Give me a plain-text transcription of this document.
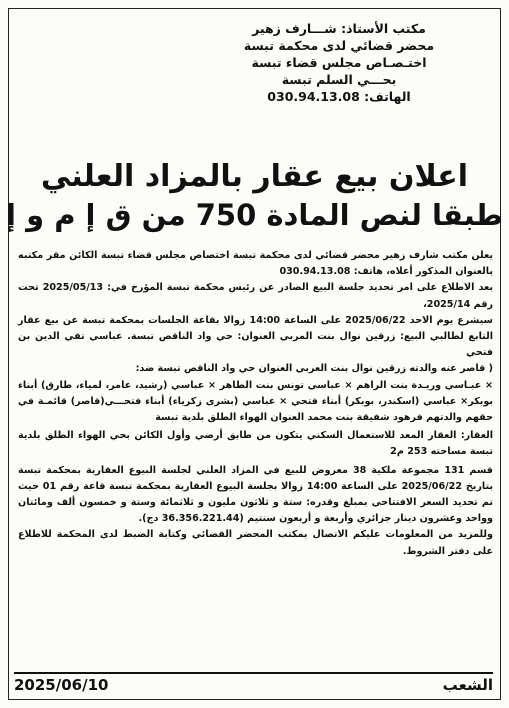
مكتب الأستاذ: شـــارف زهير
محضر قضائي لدى محكمة تبسة
اختـصـاص مجلس قضاء تبسة
بحـــي السلم تبسة
الهاتف: 030.94.13.08
اعلان بيع عقار بالمزاد العلني
طبقا لنص المادة 750 من ق إ م و إ

يعلن مكتب شارف زهير محضر قضائي لدى محكمة تبسة اختصاص مجلس قضاء تبسة الكائن مقر مكتبه بالعنوان المذكور أعلاه، هاتف: 030.94.13.08

بعد الاطلاع على امر تحديد جلسة البيع الصادر عن رئيس محكمة تبسة المؤرخ في: 2025/05/13 تحت رقم 2025/14،

سيشرع يوم الاحد 2025/06/22 على الساعة 14:00 زوالا بقاعة الجلسات بمحكمة تبسة عن بيع عقار التابع لطالبي البيع: زرقين نوال بنت المربي العنوان: حي واد الناقص تبسة. عباسي تقي الدين بن فتحي

( قاصر عنه والدته زرقين نوال بنت العربي العنوان حي واد الناقص تبسة ضد:

× عبـاسي وريـدة بنت الراهم × عباسي تونس بنت الطاهر × عباسي (رشيد، عامر، لمياء، طارق) أبناء بوبكر× عباسي (اسكندر، بوبكر) أبناء فتحي × عباسي (بشرى زكرياء) أبناء فتحـــي(قاصر) قائمـة في حقهم والدتهم فرهود شفيقة بنت محمد العنوان الهواء الطلق بلدية تبسة

العقار: العقار المعد للاستعمال السكني يتكون من طابق أرضي وأول الكائن بحي الهواء الطلق بلدية تبسة مساحته 253 م2

قسم 131 مجموعة ملكية 38 معروض للبيع في المزاد العلني لجلسة البيوع العقارية بمحكمة تبسة بتاريخ 2025/06/22 على الساعة 14:00 زوالا بجلسة البيوع العقارية بمحكمة تبسة قاعة رقم 01 حيث تم تحديد السعر الافتتاحي بمبلغ وقدره: ستة و ثلاثون مليون و ثلاثمائة وستة و خمسون ألف ومائتان وواحد وعشرون دينار جزائري وأربعة و أربعون سنتيم (36.356.221.44 دج).

وللمزيد من المعلومات عليكم الاتصال بمكتب المحضر القضائي وكتابة الضبط لدى المحكمة للاطلاع على دفتر الشروط.

2025/06/10	الشعب
